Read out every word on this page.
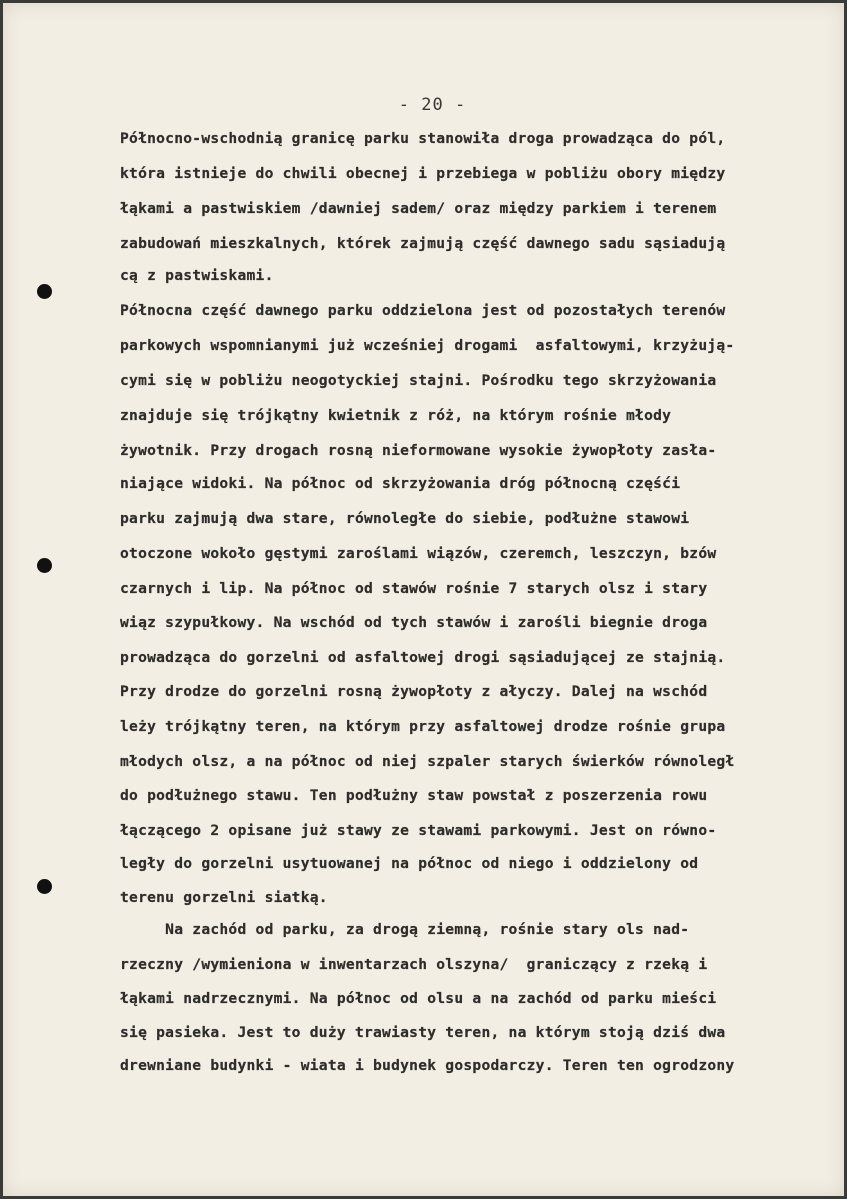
- 20 -
Północno-wschodnią granicę parku stanowiła droga prowadząca do pól,
która istnieje do chwili obecnej i przebiega w pobliżu obory między
łąkami a pastwiskiem /dawniej sadem/ oraz między parkiem i terenem
zabudowań mieszkalnych, którek zajmują część dawnego sadu sąsiadują
cą z pastwiskami.
Północna część dawnego parku oddzielona jest od pozostałych terenów
parkowych wspomnianymi już wcześniej drogami  asfaltowymi, krzyżują-
cymi się w pobliżu neogotyckiej stajni. Pośrodku tego skrzyżowania
znajduje się trójkątny kwietnik z róż, na którym rośnie młody
żywotnik. Przy drogach rosną nieformowane wysokie żywopłoty zasła-
niające widoki. Na północ od skrzyżowania dróg północną częśći
parku zajmują dwa stare, równoległe do siebie, podłużne stawowi
otoczone wokoło gęstymi zaroślami wiązów, czeremch, leszczyn, bzów
czarnych i lip. Na północ od stawów rośnie 7 starych olsz i stary
wiąz szypułkowy. Na wschód od tych stawów i zarośli biegnie droga
prowadząca do gorzelni od asfaltowej drogi sąsiadującej ze stajnią.
Przy drodze do gorzelni rosną żywopłoty z ałyczy. Dalej na wschód
leży trójkątny teren, na którym przy asfaltowej drodze rośnie grupa
młodych olsz, a na północ od niej szpaler starych świerków równoległ
do podłużnego stawu. Ten podłużny staw powstał z poszerzenia rowu
łączącego 2 opisane już stawy ze stawami parkowymi. Jest on równo-
legły do gorzelni usytuowanej na północ od niego i oddzielony od
terenu gorzelni siatką.
Na zachód od parku, za drogą ziemną, rośnie stary ols nad-
rzeczny /wymieniona w inwentarzach olszyna/  graniczący z rzeką i
łąkami nadrzecznymi. Na północ od olsu a na zachód od parku mieści
się pasieka. Jest to duży trawiasty teren, na którym stoją dziś dwa
drewniane budynki - wiata i budynek gospodarczy. Teren ten ogrodzony
